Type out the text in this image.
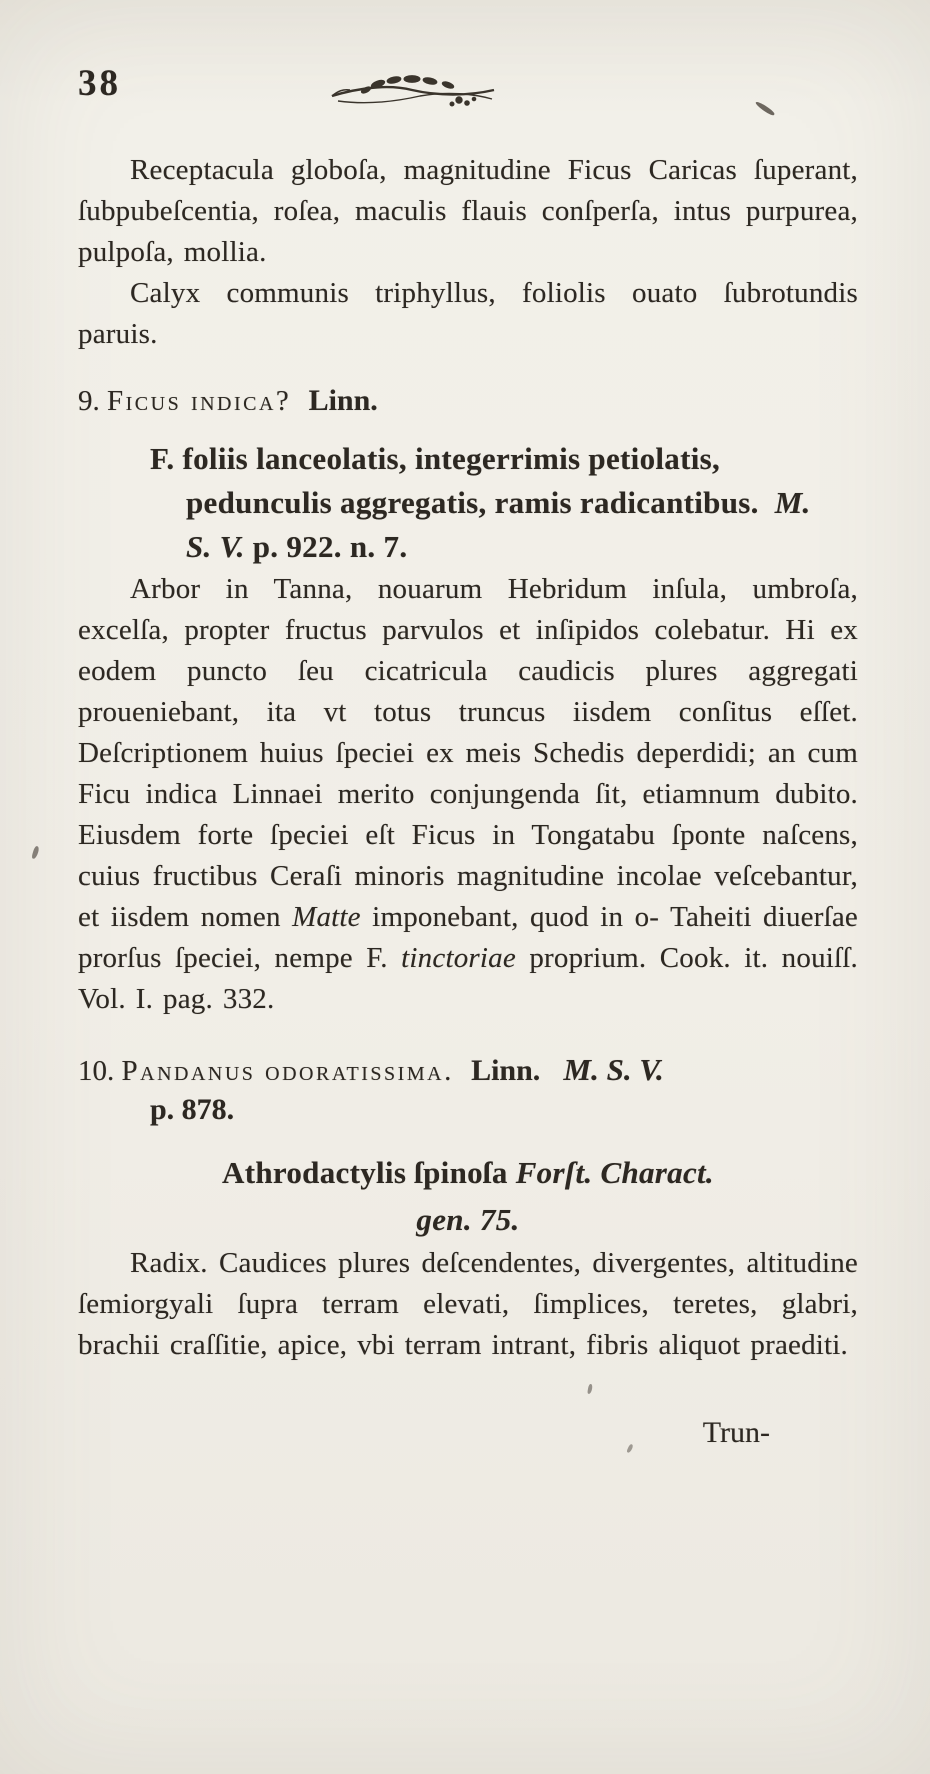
38

Receptacula globoſa, magnitudine Ficus Caricas ſuperant, ſubpubeſcentia, roſea, maculis flauis conſperſa, intus purpurea, pulpoſa, mollia.

Calyx communis triphyllus, foliolis ouato ſubrotundis paruis.

9. Ficus indica? Linn.

F. foliis lanceolatis, integerrimis petiolatis, pedunculis aggregatis, ramis radicantibus. M. S. V. p. 922. n. 7.

Arbor in Tanna, nouarum Hebridum inſula, umbroſa, excelſa, propter fructus parvulos et inſipidos colebatur. Hi ex eodem puncto ſeu cicatricula caudicis plures aggregati proueniebant, ita vt totus truncus iisdem conſitus eſſet. Deſcriptionem huius ſpeciei ex meis Schedis deperdidi; an cum Ficu indica Linnaei merito conjungenda ſit, etiamnum dubito. Eiusdem forte ſpeciei eſt Ficus in Tongatabu ſponte naſcens, cuius fructibus Ceraſi minoris magnitudine incolae veſcebantur, et iisdem nomen Matte imponebant, quod in o- Taheiti diuerſae prorſus ſpeciei, nempe F. tinctoriae proprium. Cook. it. nouiſſ. Vol. I. pag. 332.

10. Pandanus odoratissima. Linn. M. S. V.
p. 878.
Athrodactylis ſpinoſa Forſt. Charact.
gen. 75.

Radix. Caudices plures deſcendentes, divergentes, altitudine ſemiorgyali ſupra terram elevati, ſimplices, teretes, glabri, brachii craſſitie, apice, vbi terram intrant, fibris aliquot praediti.

Trun-
